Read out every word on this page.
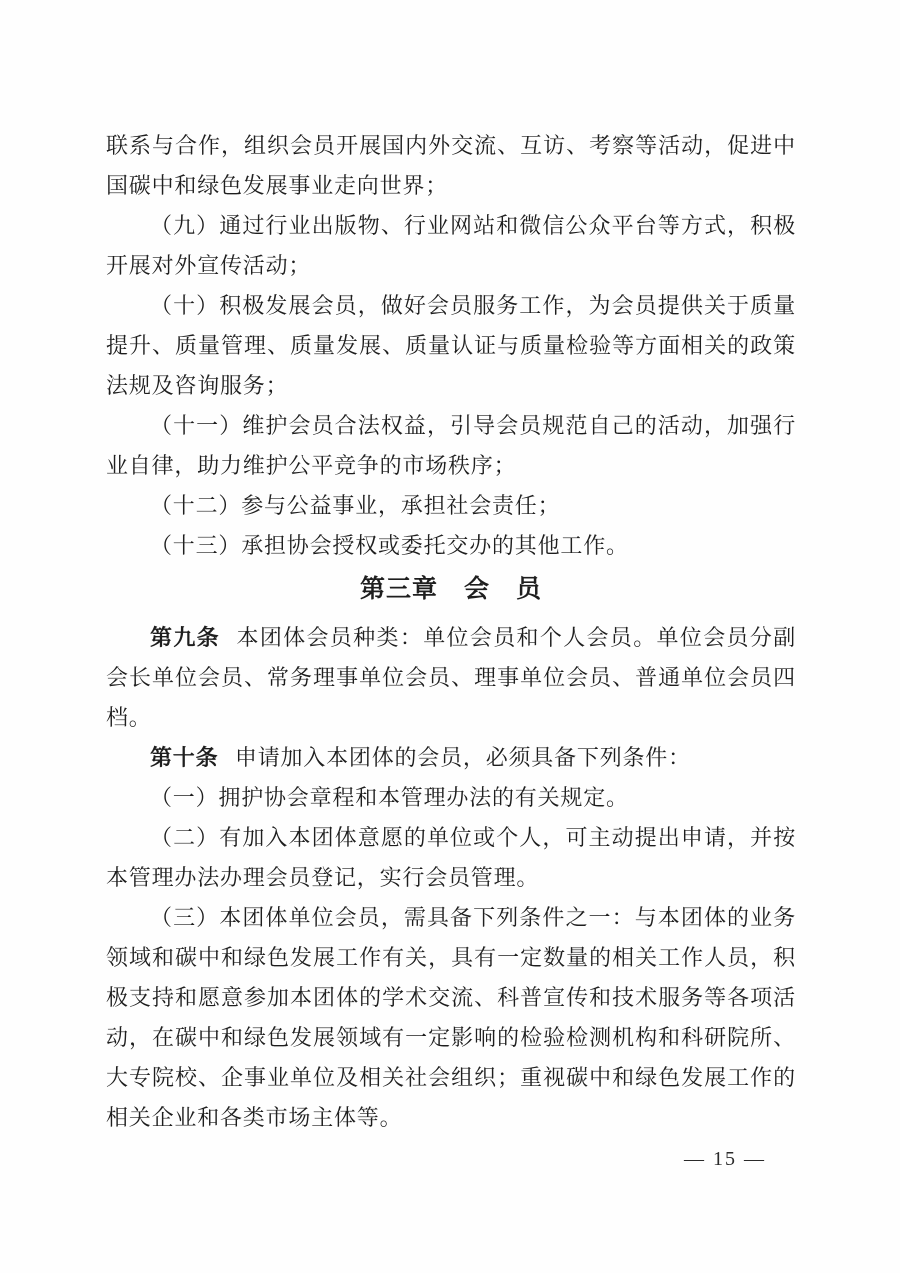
联系与合作，组织会员开展国内外交流、互访、考察等活动，促进中国碳中和绿色发展事业走向世界；

（九）通过行业出版物、行业网站和微信公众平台等方式，积极开展对外宣传活动；

（十）积极发展会员，做好会员服务工作，为会员提供关于质量提升、质量管理、质量发展、质量认证与质量检验等方面相关的政策法规及咨询服务；

（十一）维护会员合法权益，引导会员规范自己的活动，加强行业自律，助力维护公平竞争的市场秩序；

（十二）参与公益事业，承担社会责任；

（十三）承担协会授权或委托交办的其他工作。

第三章　会　员

第九条 本团体会员种类：单位会员和个人会员。单位会员分副会长单位会员、常务理事单位会员、理事单位会员、普通单位会员四档。

第十条 申请加入本团体的会员，必须具备下列条件：

（一）拥护协会章程和本管理办法的有关规定。

（二）有加入本团体意愿的单位或个人，可主动提出申请，并按本管理办法办理会员登记，实行会员管理。

（三）本团体单位会员，需具备下列条件之一：与本团体的业务领域和碳中和绿色发展工作有关，具有一定数量的相关工作人员，积极支持和愿意参加本团体的学术交流、科普宣传和技术服务等各项活动，在碳中和绿色发展领域有一定影响的检验检测机构和科研院所、大专院校、企事业单位及相关社会组织；重视碳中和绿色发展工作的相关企业和各类市场主体等。

— 15 —
